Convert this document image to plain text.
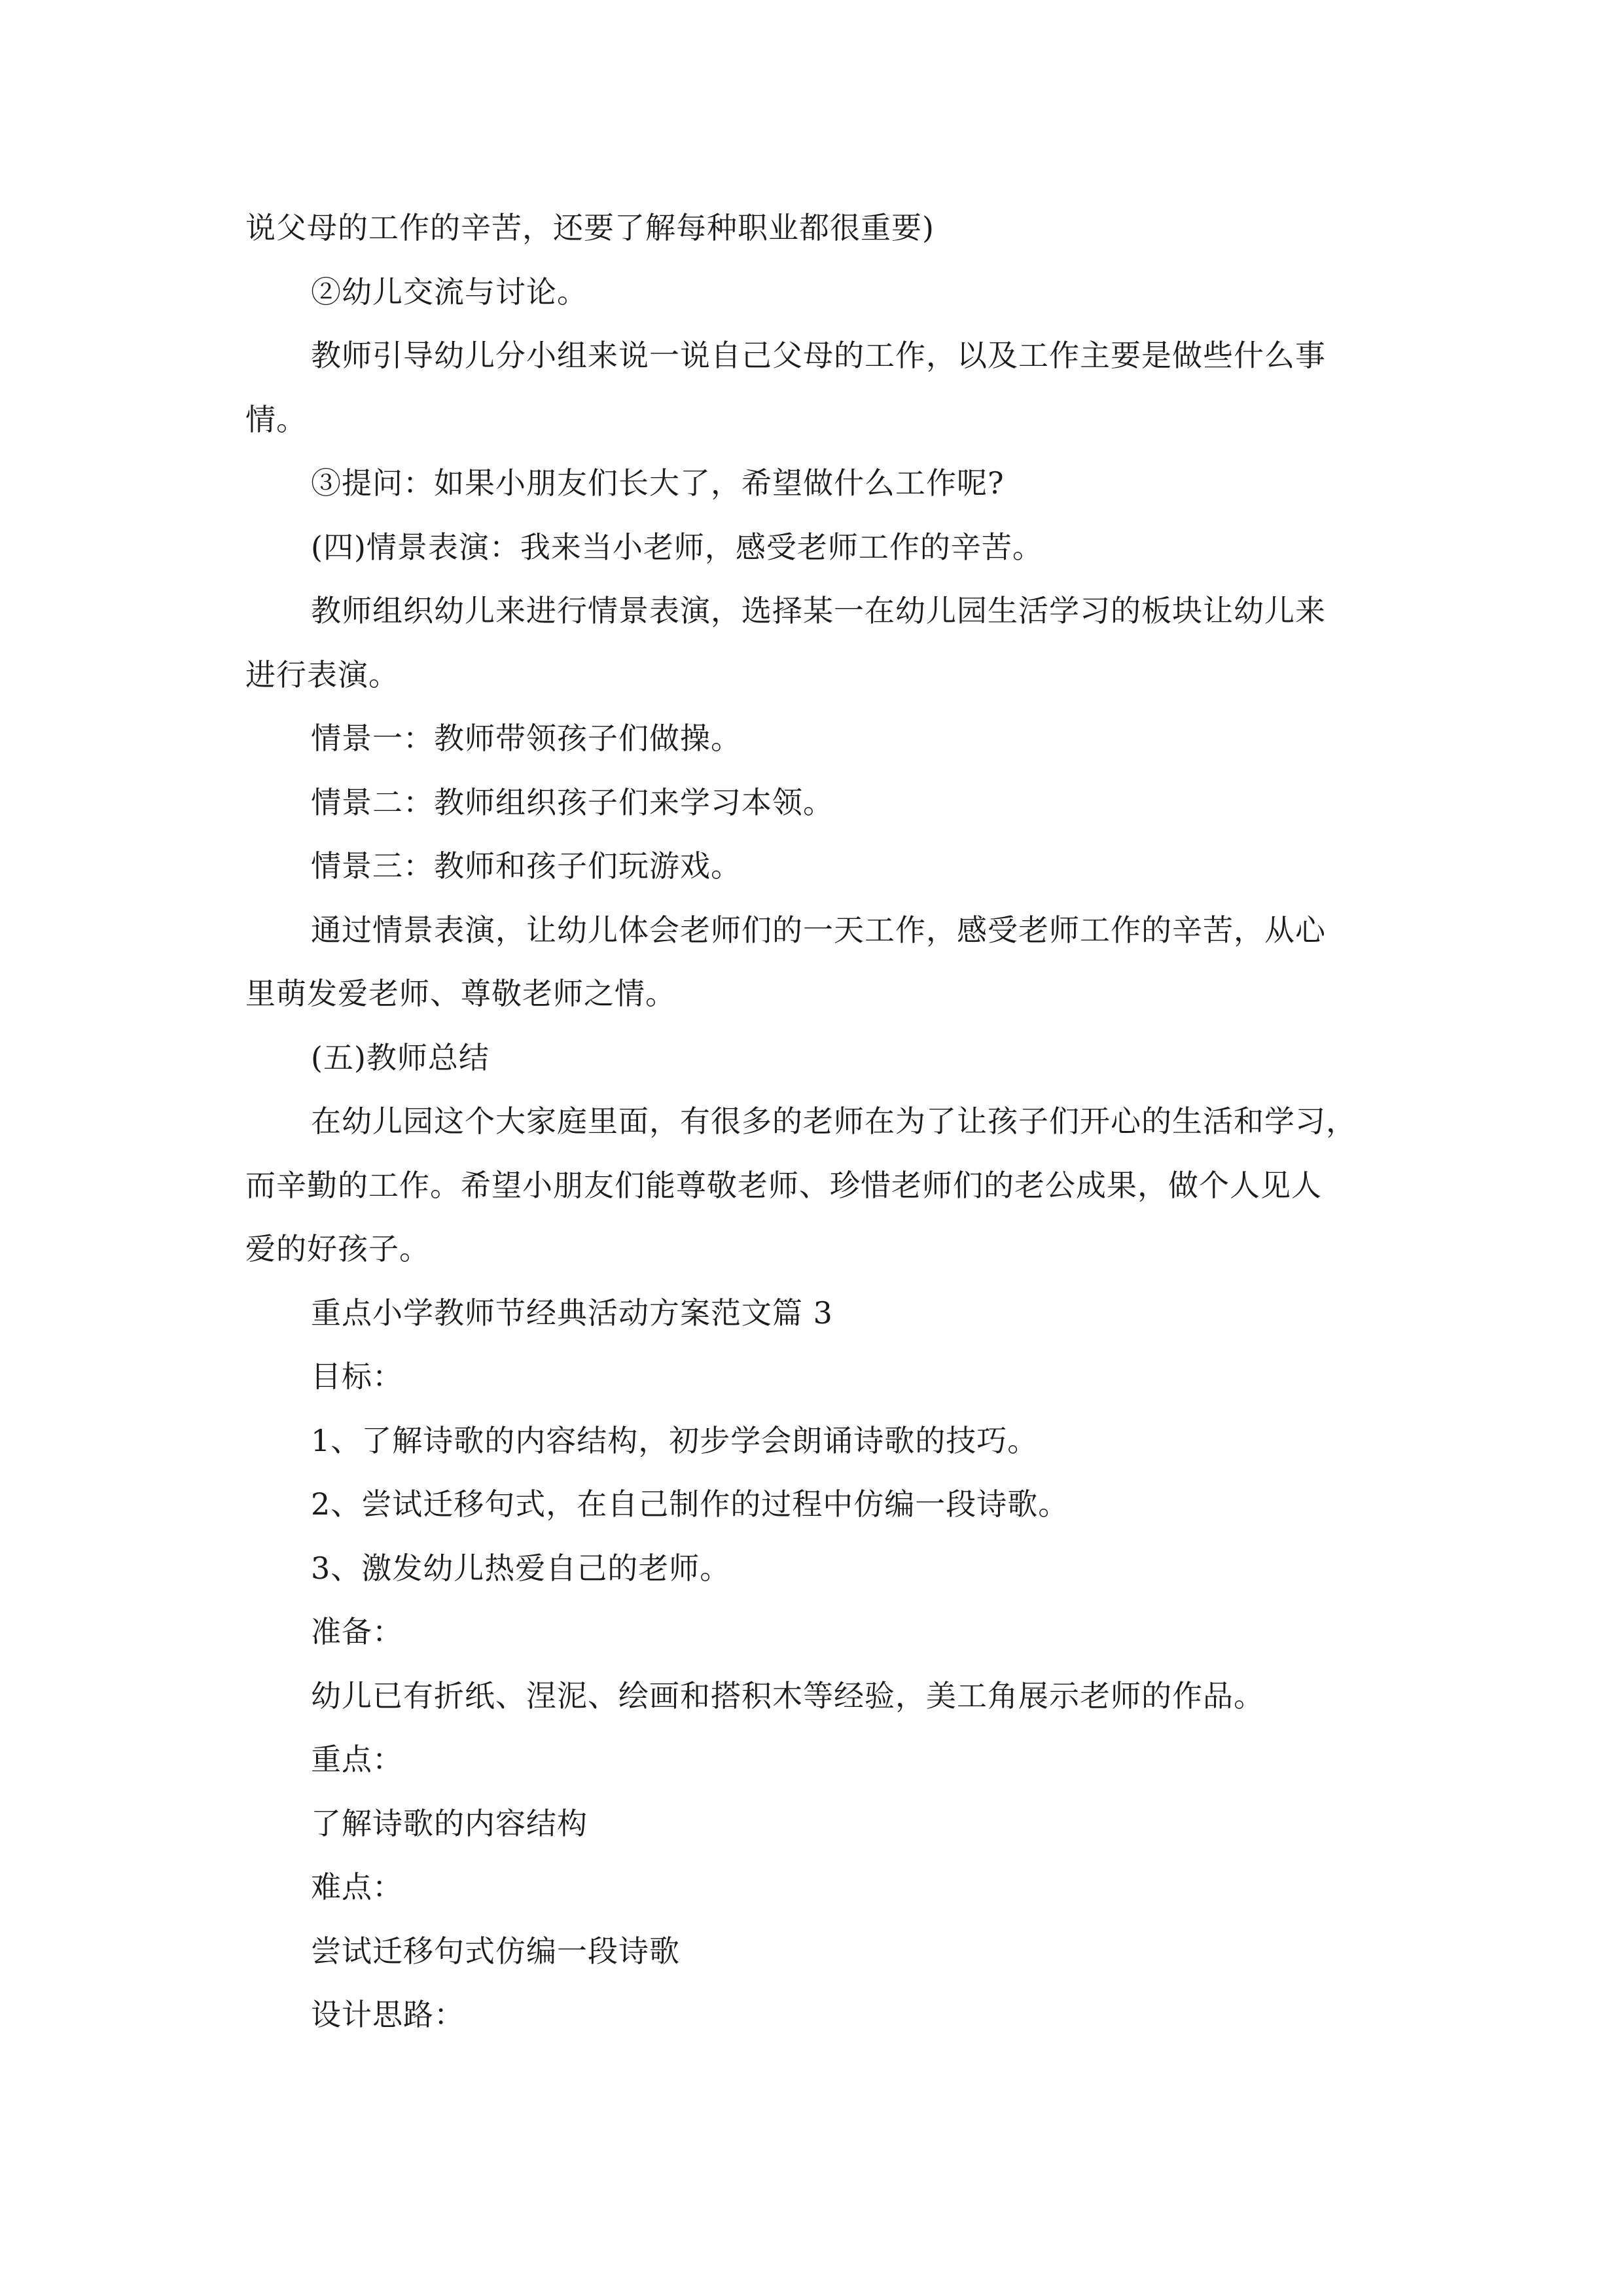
说父母的工作的辛苦，还要了解每种职业都很重要)
②幼儿交流与讨论。
教师引导幼儿分小组来说一说自己父母的工作，以及工作主要是做些什么事
情。
③提问：如果小朋友们长大了，希望做什么工作呢?
(四)情景表演：我来当小老师，感受老师工作的辛苦。
教师组织幼儿来进行情景表演，选择某一在幼儿园生活学习的板块让幼儿来
进行表演。
情景一：教师带领孩子们做操。
情景二：教师组织孩子们来学习本领。
情景三：教师和孩子们玩游戏。
通过情景表演，让幼儿体会老师们的一天工作，感受老师工作的辛苦，从心
里萌发爱老师、尊敬老师之情。
(五)教师总结
在幼儿园这个大家庭里面，有很多的老师在为了让孩子们开心的生活和学习，
而辛勤的工作。希望小朋友们能尊敬老师、珍惜老师们的老公成果，做个人见人
爱的好孩子。
重点小学教师节经典活动方案范文篇 3
目标：
1、了解诗歌的内容结构，初步学会朗诵诗歌的技巧。
2、尝试迁移句式，在自己制作的过程中仿编一段诗歌。
3、激发幼儿热爱自己的老师。
准备：
幼儿已有折纸、涅泥、绘画和搭积木等经验，美工角展示老师的作品。
重点：
了解诗歌的内容结构
难点：
尝试迁移句式仿编一段诗歌
设计思路：
